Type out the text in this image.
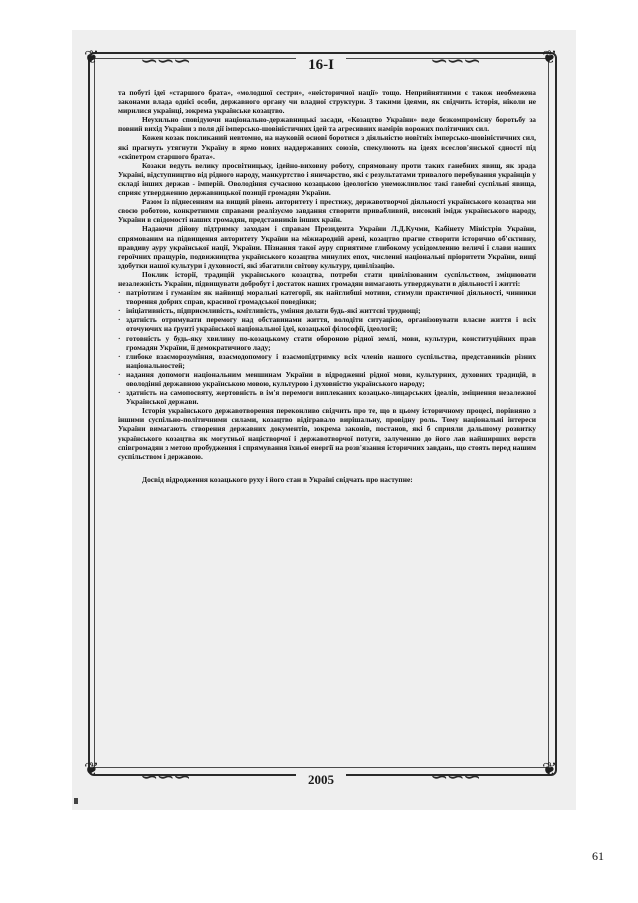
❦	❦
❦	❦
∽∽∽	∽∽∽
∽∽∽	∽∽∽
16-I

та побуті ідеї «старшого брата», «молодшої сестри», «неісторичної нації» тощо. Неприйнятними є також необмежена законами влада однієї особи, державного органу чи владної структури. З такими ідеями, як свідчить історія, ніколи не мирилися українці, зокрема українське козацтво.

Неухильно сповідуючи національно-державницькі засади, «Козацтво України» веде безкомпромісну боротьбу за повний вихід України з поля дії імперсько-шовіністичних ідей та агресивних намірів ворожих політичних сил.

Кожен козак покликаний невтомно, на науковій основі боротися з діяльністю новітніх імперсько-шовіністичних сил, які прагнуть утягнути Україну в ярмо нових наддержавних союзів, спекулюють на ідеях всеслов'янської єдності під «скіпетром старшого брата».

Козаки ведуть велику просвітницьку, ідейно-виховну роботу, спрямовану проти таких ганебних явищ, як зрада Україні, відступництво від рідного народу, манкуртство і яничарство, які є результатами тривалого перебування українців у складі інших держав - імперій. Оволодіння сучасною козацькою ідеологією унеможливлює такі ганебні суспільні явища, сприяє утвердженню державницької позиції громадян України.

Разом із піднесенням на вищий рівень авторитету і престижу, державотворчої діяльності українського козацтва ми своєю роботою, конкретними справами реалізуємо завдання створити привабливий, високий імідж українського народу, України в свідомості наших громадян, представників інших країн.

Надаючи дійову підтримку заходам і справам Президента України Л.Д.Кучми, Кабінету Міністрів України, спрямованим на підвищення авторитету України на міжнародній арені, козацтво прагне створити історично об'єктивну, правдиву ауру української нації, України. Пізнання такої ауру сприятиме глибокому усвідомленню величі і слави наших героїчних пращурів, подвижництва українського козацтва минулих епох, численні національні пріоритети України, вищі здобутки нашої культури і духовності, які збагатили світову культуру, цивілізацію.

Поклик історії, традицій українського козацтва, потреби стати цивілізованим суспільством, зміцнювати незалежність України, підвищувати добробут і достаток наших громадян вимагають утверджувати в діяльності і житті:

· патріотизм і гуманізм як найвищі моральні категорії, як найглибші мотиви, стимули практичної діяльності, чинники творення добрих справ, красивої громадської поведінки;

· ініціативність, підприємливість, кмітливість, уміння долати будь-які життєві труднощі;

· здатність отримувати перемогу над обставинами життя, володіти ситуацією, організовувати власне життя і всіх оточуючих на ґрунті української національної ідеї, козацької філософії, ідеології;

· готовність у будь-яку хвилину по-козацькому стати обороною рідної землі, мови, культури, конституційних прав громадян України, її демократичного ладу;

· глибоке взаєморозуміння, взаємодопомогу і взаємопідтримку всіх членів нашого суспільства, представників різних національностей;

· надання допомоги національним меншинам України в відродженні рідної мови, культурних, духовних традицій, в оволодінні державною українською мовою, культурою і духовністю українського народу;

· здатність на самопосвяту, жертовність в ім'я перемоги виплеканих козацько-лицарських ідеалів, зміцнення незалежної Української держави.

Історія українського державотворення переконливо свідчить про те, що в цьому історичному процесі, порівняно з іншими суспільно-політичними силами, козацтво відігравало вирішальну, провідну роль. Тому національні інтереси України вимагають створення державних документів, зокрема законів, постанов, які б сприяли дальшому розвитку українського козацтва як могутньої націєтворчої і державотворчої потуги, залученню до його лав найширших верств співгромадян з метою пробудження і спрямування їхньої енергії на розв'язання історичних завдань, що стоять перед нашим суспільством і державою.

Досвід відродження козацького руху і його стан в Україні свідчать про наступне:

2005
61
